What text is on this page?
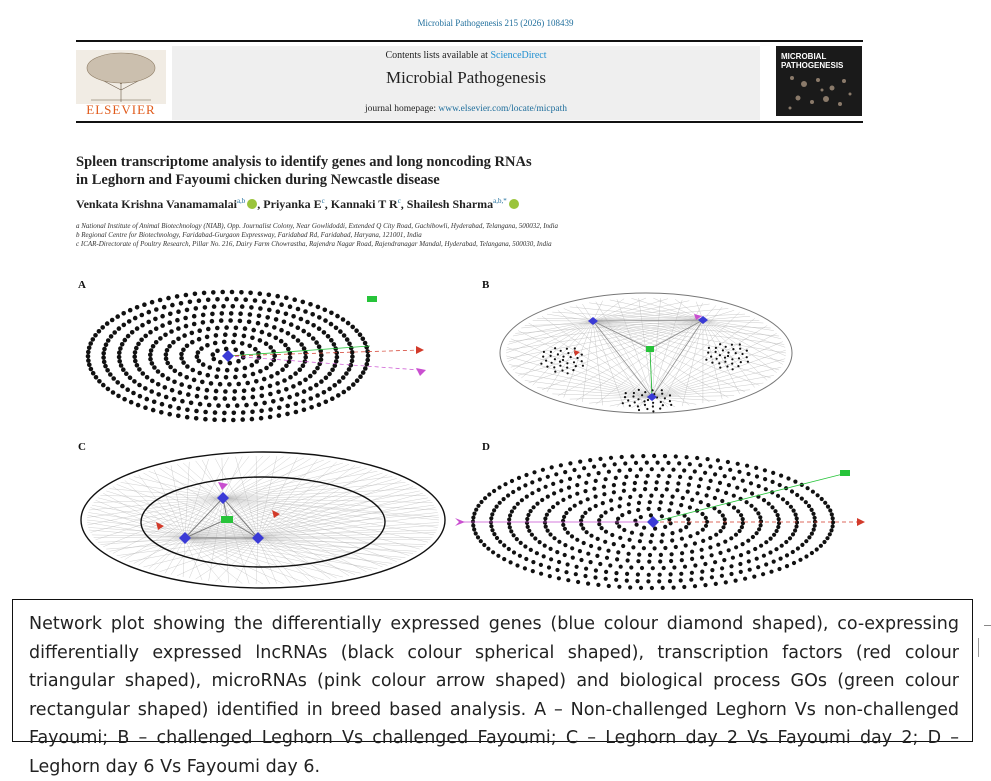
Microbial Pathogenesis 215 (2026) 108439
ELSEVIER
Contents lists available at ScienceDirect
Microbial Pathogenesis
journal homepage: www.elsevier.com/locate/micpath
MICROBIAL
PATHOGENESIS
Spleen transcriptome analysis to identify genes and long noncoding RNAs
in Leghorn and Fayoumi chicken during Newcastle disease
Venkata Krishna Vanamamalai$^{a,b}$ , Priyanka $E^c$, Kannaki T $R^c$, Shailesh Sharma$^{a,b,*}$
a National Institute of Animal Biotechnology (NIAB), Opp. Journalist Colony, Near Gowlidoddi, Extended Q City Road, Gachibowli, Hyderabad, Telangana, 500032, India
b Regional Centre for Biotechnology, Faridabad-Gurgaon Expressway, Faridabad Rd, Faridabad, Haryana, 121001, India
c ICAR-Directorate of Poultry Research, Pillar No. 216, Dairy Farm Chowrastha, Rajendra Nagar Road, Rajendranagar Mandal, Hyderabad, Telangana, 500030, India
A	B
C	D
Network plot showing the differentially expressed genes (blue colour diamond shaped), co-expressing differentially expressed lncRNAs (black colour spherical shaped), transcription factors (red colour triangular shaped), microRNAs (pink colour arrow shaped) and biological process GOs (green colour rectangular shaped) identified in breed based analysis. A – Non-challenged Leghorn Vs non-challenged Fayoumi; B – challenged Leghorn Vs challenged Fayoumi; C – Leghorn day 2 Vs Fayoumi day 2; D – Leghorn day 6 Vs Fayoumi day 6.
